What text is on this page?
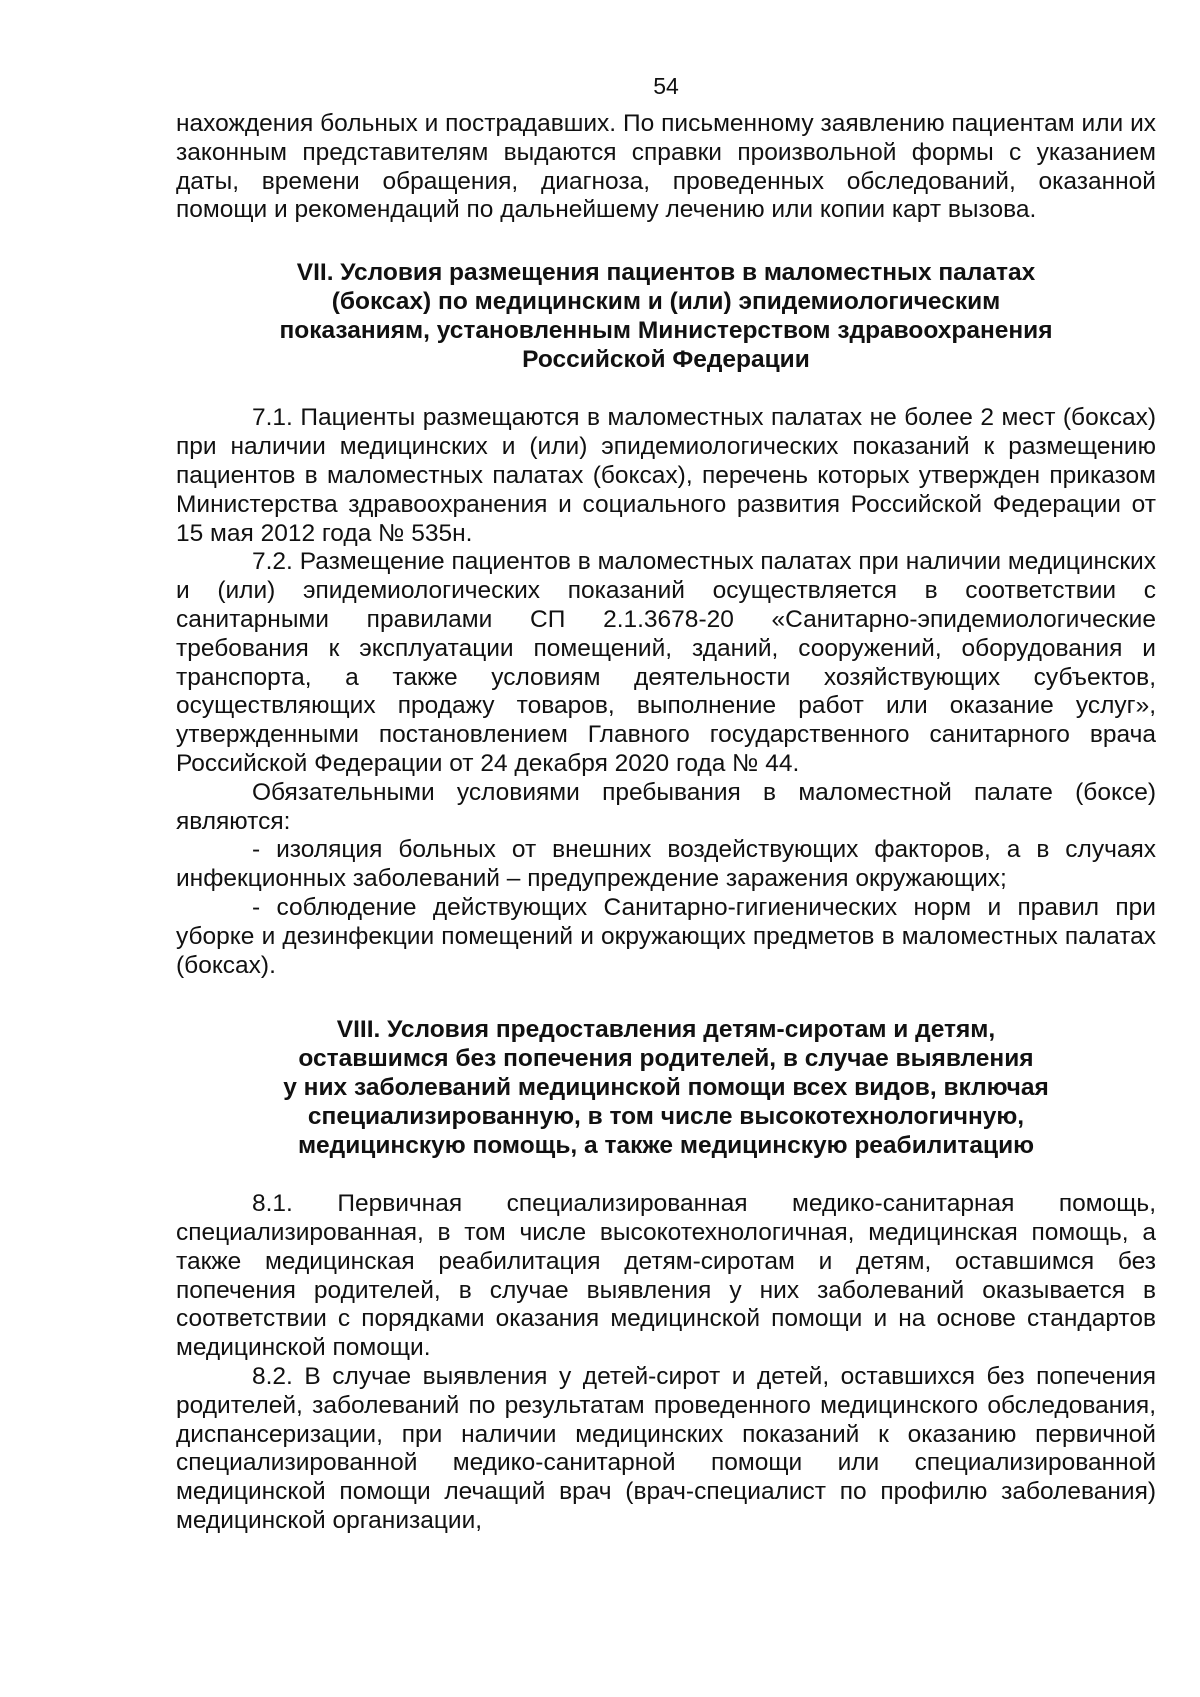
54

нахождения больных и пострадавших. По письменному заявлению пациентам или их законным представителям выдаются справки произвольной формы с указанием даты, времени обращения, диагноза, проведенных обследований, оказанной помощи и рекомендаций по дальнейшему лечению или копии карт вызова.

VII. Условия размещения пациентов в маломестных палатах
(боксах) по медицинским и (или) эпидемиологическим
показаниям, установленным Министерством здравоохранения
Российской Федерации

7.1. Пациенты размещаются в маломестных палатах не более 2 мест (боксах) при наличии медицинских и (или) эпидемиологических показаний к размещению пациентов в маломестных палатах (боксах), перечень которых утвержден приказом Министерства здравоохранения и социального развития Российской Федерации от 15 мая 2012 года № 535н.

7.2. Размещение пациентов в маломестных палатах при наличии медицинских и (или) эпидемиологических показаний осуществляется в соответствии с санитарными правилами СП 2.1.3678-20 «Санитарно-эпидемиологические требования к эксплуатации помещений, зданий, сооружений, оборудования и транспорта, а также условиям деятельности хозяйствующих субъектов, осуществляющих продажу товаров, выполнение работ или оказание услуг», утвержденными постановлением Главного государственного санитарного врача Российской Федерации от 24 декабря 2020 года № 44.

Обязательными условиями пребывания в маломестной палате (боксе) являются:

- изоляция больных от внешних воздействующих факторов, а в случаях инфекционных заболеваний – предупреждение заражения окружающих;

- соблюдение действующих Санитарно-гигиенических норм и правил при уборке и дезинфекции помещений и окружающих предметов в маломестных палатах (боксах).

VIII. Условия предоставления детям-сиротам и детям,
оставшимся без попечения родителей, в случае выявления
у них заболеваний медицинской помощи всех видов, включая
специализированную, в том числе высокотехнологичную,
медицинскую помощь, а также медицинскую реабилитацию

8.1. Первичная специализированная медико-санитарная помощь, специализированная, в том числе высокотехнологичная, медицинская помощь, а также медицинская реабилитация детям-сиротам и детям, оставшимся без попечения родителей, в случае выявления у них заболеваний оказывается в соответствии с порядками оказания медицинской помощи и на основе стандартов медицинской помощи.

8.2. В случае выявления у детей-сирот и детей, оставшихся без попечения родителей, заболеваний по результатам проведенного медицинского обследования, диспансеризации, при наличии медицинских показаний к оказанию первичной специализированной медико-санитарной помощи или специализированной медицинской помощи лечащий врач (врач-специалист по профилю заболевания) медицинской организации,
